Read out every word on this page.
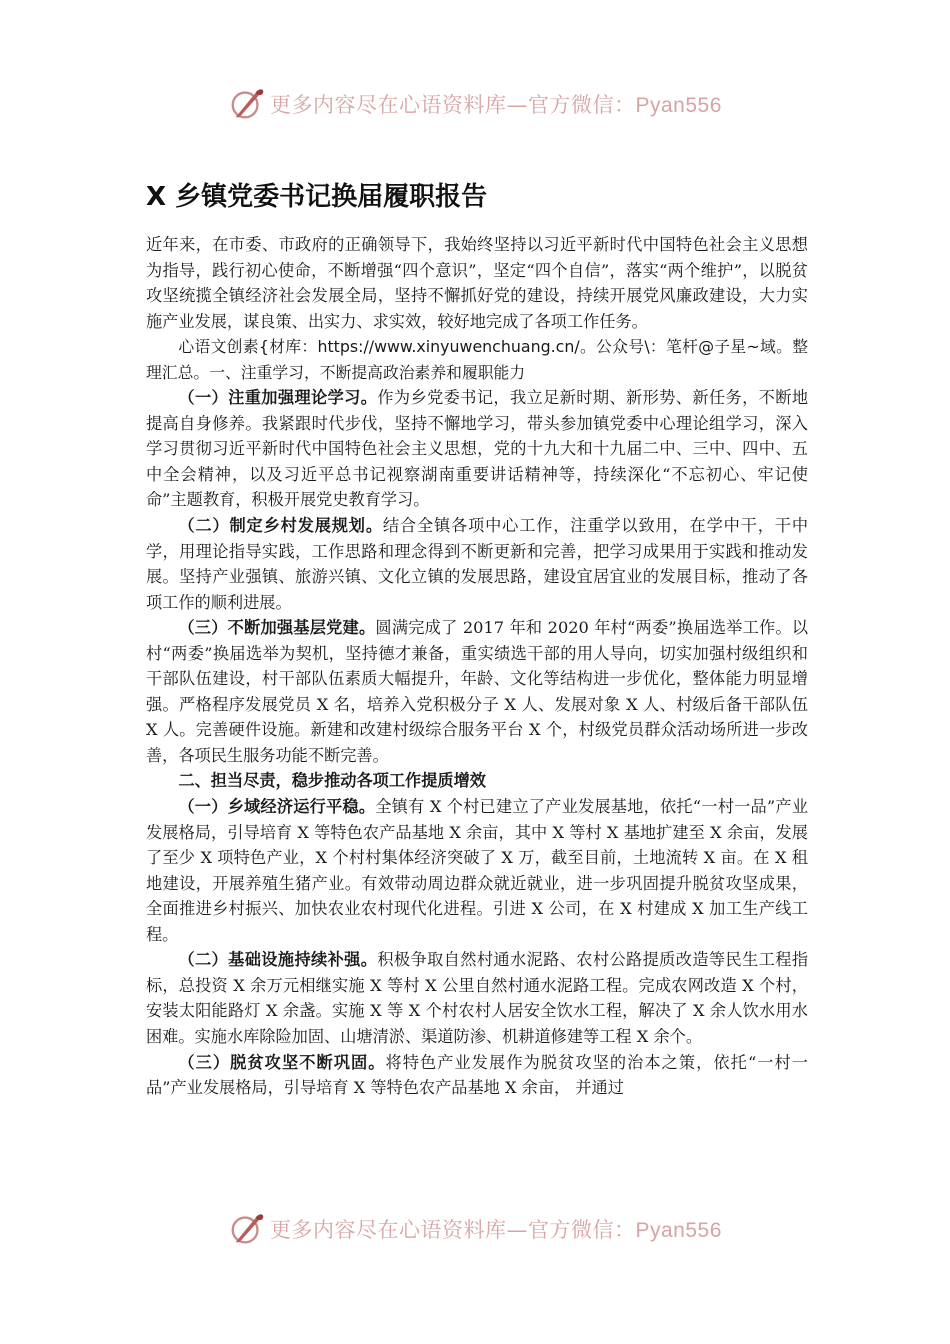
更多内容尽在心语资料库—官方微信：Pyan556
X 乡镇党委书记换届履职报告

近年来，在市委、市政府的正确领导下，我始终坚持以习近平新时代中国特色社会主义思想为指导，践行初心使命，不断增强“四个意识”，坚定“四个自信”，落实“两个维护”，以脱贫攻坚统揽全镇经济社会发展全局，坚持不懈抓好党的建设，持续开展党风廉政建设，大力实施产业发展，谋良策、出实力、求实效，较好地完成了各项工作任务。

心语文创素{材库：https://www.xinyuwenchuang.cn/。公众号\：笔杆@子星~域。整理汇总。一、注重学习，不断提高政治素养和履职能力

（一）注重加强理论学习。作为乡党委书记，我立足新时期、新形势、新任务，不断地提高自身修养。我紧跟时代步伐，坚持不懈地学习，带头参加镇党委中心理论组学习，深入学习贯彻习近平新时代中国特色社会主义思想，党的十九大和十九届二中、三中、四中、五中全会精神，以及习近平总书记视察湖南重要讲话精神等，持续深化“不忘初心、牢记使命”主题教育，积极开展党史教育学习。

（二）制定乡村发展规划。结合全镇各项中心工作，注重学以致用，在学中干，干中学，用理论指导实践，工作思路和理念得到不断更新和完善，把学习成果用于实践和推动发展。坚持产业强镇、旅游兴镇、文化立镇的发展思路，建设宜居宜业的发展目标，推动了各项工作的顺利进展。

（三）不断加强基层党建。圆满完成了 2017 年和 2020 年村“两委”换届选举工作。以村“两委”换届选举为契机，坚持德才兼备，重实绩选干部的用人导向，切实加强村级组织和干部队伍建设，村干部队伍素质大幅提升，年龄、文化等结构进一步优化，整体能力明显增强。严格程序发展党员 X 名，培养入党积极分子 X 人、发展对象 X 人、村级后备干部队伍 X 人。完善硬件设施。新建和改建村级综合服务平台 X 个，村级党员群众活动场所进一步改善，各项民生服务功能不断完善。

二、担当尽责，稳步推动各项工作提质增效

（一）乡域经济运行平稳。全镇有 X 个村已建立了产业发展基地，依托“一村一品”产业发展格局，引导培育 X 等特色农产品基地 X 余亩，其中 X 等村 X 基地扩建至 X 余亩，发展了至少 X 项特色产业，X 个村村集体经济突破了 X 万，截至目前，土地流转 X 亩。在 X 租地建设，开展养殖生猪产业。有效带动周边群众就近就业，进一步巩固提升脱贫攻坚成果，全面推进乡村振兴、加快农业农村现代化进程。引进 X 公司，在 X 村建成 X 加工生产线工程。

（二）基础设施持续补强。积极争取自然村通水泥路、农村公路提质改造等民生工程指标，总投资 X 余万元相继实施 X 等村 X 公里自然村通水泥路工程。完成农网改造 X 个村，安装太阳能路灯 X 余盏。实施 X 等 X 个村农村人居安全饮水工程，解决了 X 余人饮水用水困难。实施水库除险加固、山塘清淤、渠道防渗、机耕道修建等工程 X 余个。

（三）脱贫攻坚不断巩固。将特色产业发展作为脱贫攻坚的治本之策，依托“一村一品”产业发展格局，引导培育 X 等特色农产品基地 X 余亩， 并通过

更多内容尽在心语资料库—官方微信：Pyan556
